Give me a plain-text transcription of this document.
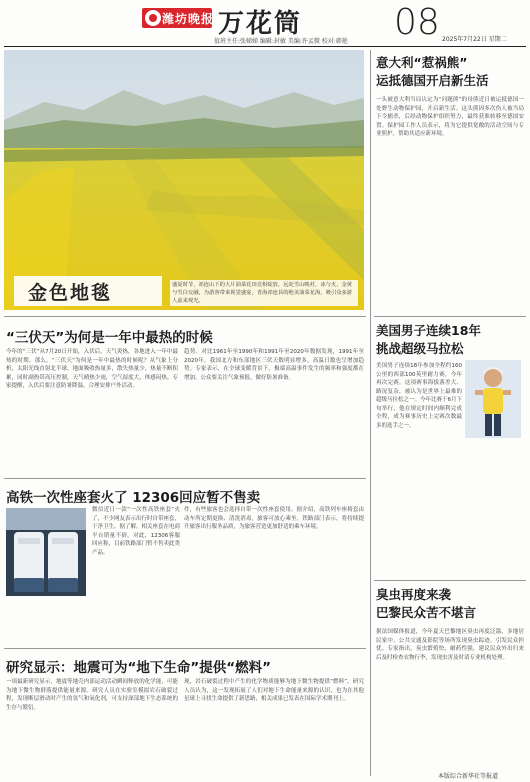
潍坊晚报 万花筒
值班主任:张娣娣 编辑:封敏 美编:许孟微 校对:韩艳 08 2025年7月22日 星期二
金色地毯	盛夏时节，祁连山下的大片油菜花田竞相绽放，远处雪山映衬，冰与火、金黄与雪白交融，为游客带来视觉盛宴，青海祁连县的绝美油菜花海，吸引众多游人前来观光。
“三伏天”为何是一年中最热的时候
今年的“三伏”从7月20日开始，入伏后，天气炎热，各地进入一年中最热的时期。那么，“三伏天”为何是一年中最热的时候呢？从气象上分析，太阳光线直射北半球，地面吸收热量多，散失热量少，热量不断积累，同时副热带高压控制，天气晴热少雨，空气湿度大，体感闷热。专家提醒，入伏后要注意防暑降温，合理安排户外活动。
趋势。对比1961年至1990年和1991年至2020年数据发现，1991年至2020年，我国北方和东部地区三伏天数明显增多，高温日数也呈增加趋势。专家表示，在全球变暖背景下，极端高温事件发生的频率和强度都在增加，公众要关注气象预报，做好防暑准备。
高铁一次性座套火了 12306回应暂不售卖
微信近日一款“一次性高铁座套”火了，不少网友表示出行时自带座套，干净卫生。据了解，相关座套在电商平台销量不俗。对此，12306客服回应称，目前铁路部门暂不售卖此类产品。
件，有些旅客也会选择自带一次性座套使用。据介绍，高铁列车座椅套由动车所定期更换、清洗消毒，旅客可放心乘坐。铁路部门表示，将持续提升旅客出行服务品质，为旅客营造更加舒适的乘车环境。
研究显示：地震可为“地下生命”提供“燃料”
一项最新研究显示，地震等地壳内部运动活动瞬间释放的化学能，可能为地下微生物群落提供能量来源。研究人员在实验室模拟岩石破裂过程，发现断层滑动时产生的氢气和氧化剂，可支持深部地下生态系统的生存与繁衍。
现，岩石破裂过程中产生的化学物质能够为地下微生物提供“燃料”。研究人员认为，这一发现拓展了人们对地下生命能量来源的认识，也为在其他星球上寻找生命提供了新思路，相关成果已发表在国际学术期刊上。
意大利“惹祸熊”
运抵德国开启新生活
一头被意大利当局认定为“问题熊”的母熊近日被运抵德国一处野生动物保护园，开启新生活。这头熊因多次伤人被当局下令捕杀，后经动物保护组织努力，最终获准转移至德国安置。保护园工作人员表示，将为它提供宽敞的活动空间与专业照护，帮助其适应新环境。
美国男子连续18年
挑战超级马拉松
美国男子连续18年参加全程约160公里的西部100英里耐力赛，今年再次完赛。这项赛事海拔落差大、路况复杂，被认为是世界上最难的超级马拉松之一。今年比赛于6月下旬举行，他在规定时间内顺利完成全程，成为赛事历史上完赛次数最多的选手之一。
臭虫再度来袭
巴黎民众苦不堪言
据法国媒体报道，今年夏天巴黎地区臭虫再度泛滥，多地居民家中、公共交通及影院等场所发现臭虫踪迹，引发民众担忧。专家指出，臭虫繁殖快、耐药性强，建议民众外出归来后及时检查衣物行李，发现虫害及时请专业机构处理。
本版综合新华社等报道
